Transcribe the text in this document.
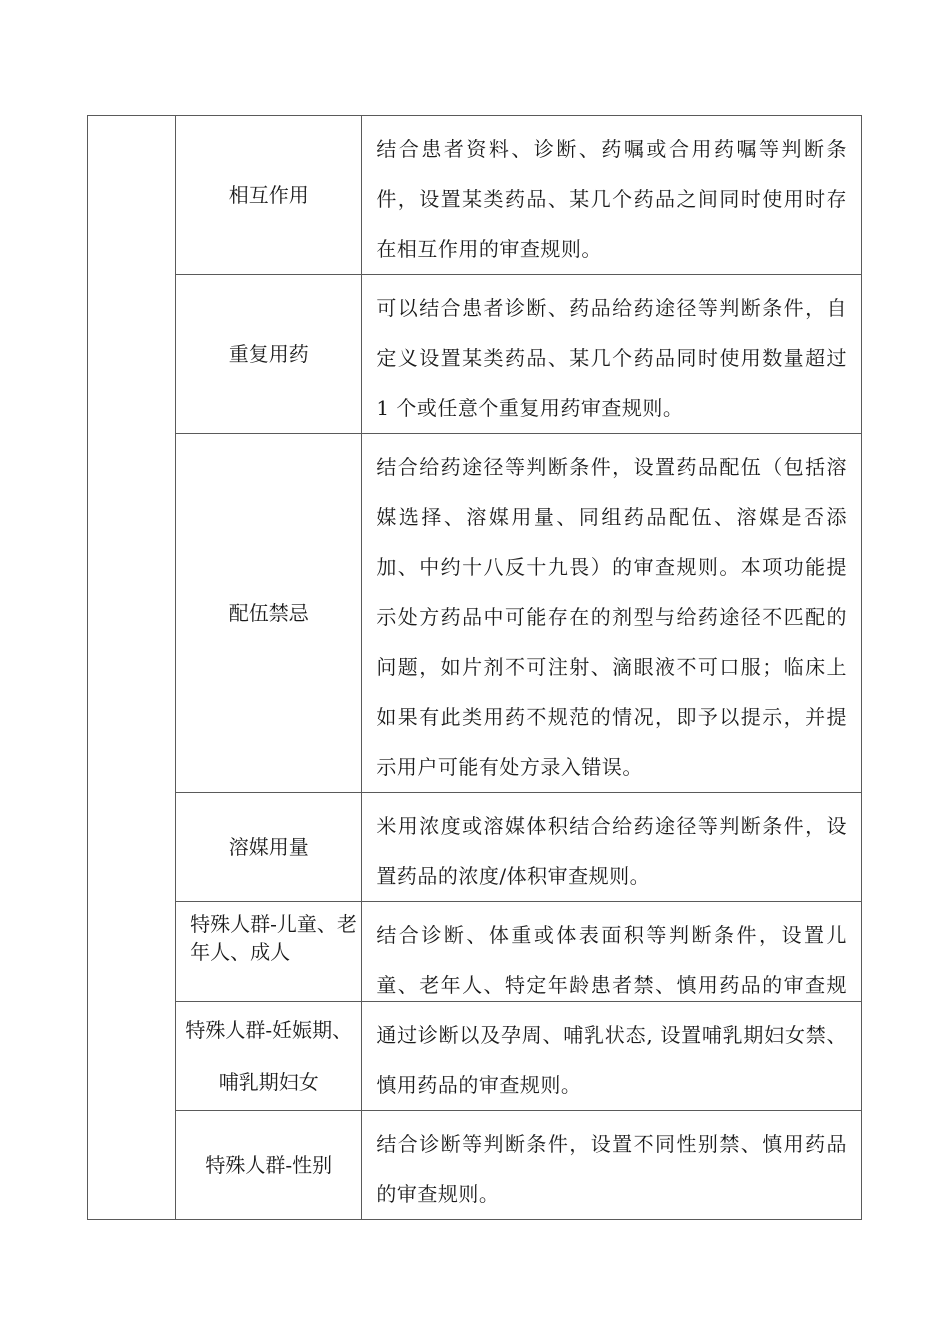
	相互作用	结合患者资料、诊断、药嘱或合用药嘱等判断条件，设置某类药品、某几个药品之间同时使用时存在相互作用的审查规则。

	重复用药	可以结合患者诊断、药品给药途径等判断条件，自定义设置某类药品、某几个药品同时使用数量超过 1 个或任意个重复用药审查规则。

	配伍禁忌	结合给药途径等判断条件，设置药品配伍（包括溶媒选择、溶媒用量、同组药品配伍、溶媒是否添加、中约十八反十九畏）的审查规则。本项功能提示处方药品中可能存在的剂型与给药途径不匹配的问题，如片剂不可注射、滴眼液不可口服；临床上如果有此类用药不规范的情况，即予以提示，并提示用户可能有处方录入错误。

	溶媒用量	米用浓度或溶媒体积结合给药途径等判断条件，设置药品的浓度/体积审查规则。

	特殊人群-儿童、老年人、成人	结合诊断、体重或体表面积等判断条件，设置儿童、老年人、特定年龄患者禁、慎用药品的审查规

	特殊人群-妊娠期、哺乳期妇女	通过诊断以及孕周、哺乳状态, 设置哺乳期妇女禁、慎用药品的审查规则。

	特殊人群-性别	结合诊断等判断条件，设置不同性别禁、慎用药品的审查规则。
